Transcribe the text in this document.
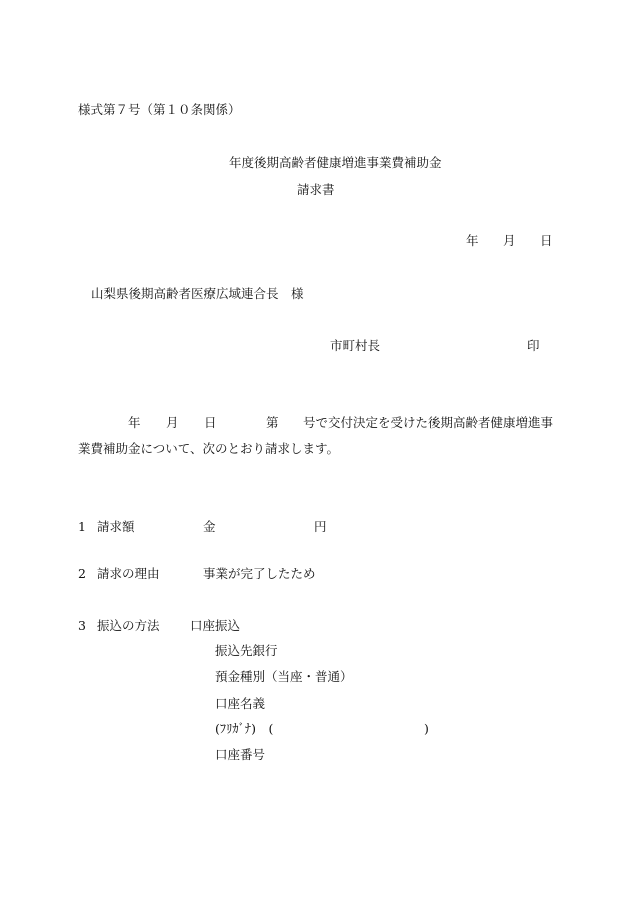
様式第７号（第１０条関係）
年度後期高齢者健康増進事業費補助金
請求書
年 月 日
山梨県後期高齢者医療広域連合長　様
市町村長	印
年 月 日	第 号で交付決定を受けた後期高齢者健康増進事
業費補助金について、次のとおり請求します。
1 請求額	金	円
2 請求の理由	事業が完了したため
3 振込の方法 口座振込
振込先銀行
預金種別（当座・普通）
口座名義
(ﾌﾘｶﾞﾅ)　(	)
口座番号
